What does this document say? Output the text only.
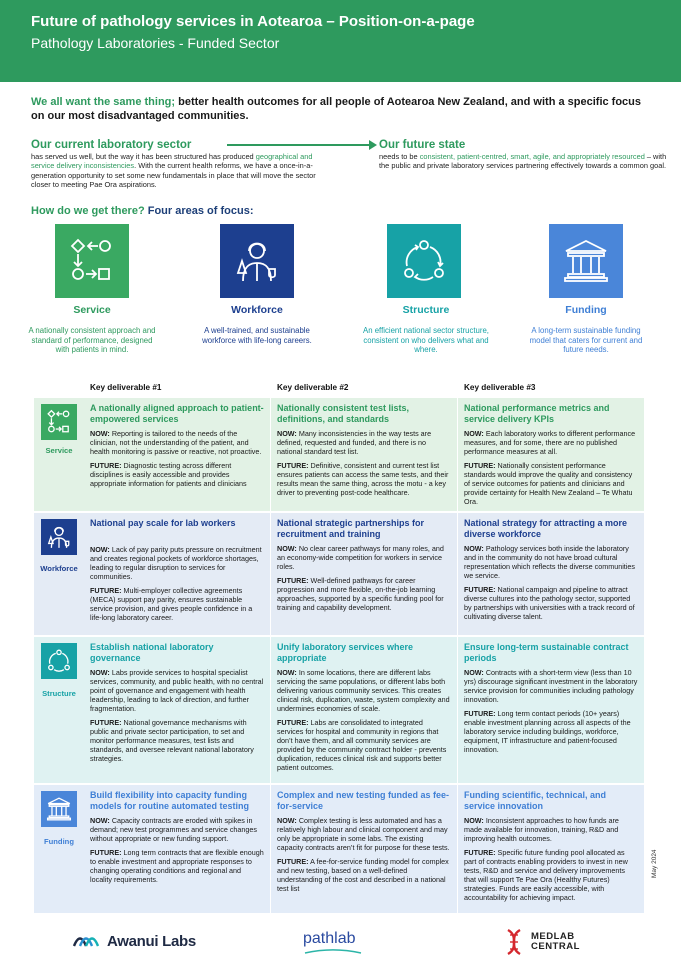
Future of pathology services in Aotearoa – Position-on-a-page
Pathology Laboratories - Funded Sector
We all want the same thing; better health outcomes for all people of Aotearoa New Zealand, and with a specific focus on our most disadvantaged communities.
Our current laboratory sector
has served us well, but the way it has been structured has produced geographical and service delivery inconsistencies. With the current health reforms, we have a once-in-a-generation opportunity to set some new fundamentals in place that will move the sector closer to meeting Pae Ora aspirations.
Our future state
needs to be consistent, patient-centred, smart, agile, and appropriately resourced – with the public and private laboratory services partnering effectively towards a common goal.
How do we get there? Four areas of focus:
Service
A nationally consistent approach and standard of performance, designed with patients in mind.
Workforce
A well-trained, and sustainable workforce with life-long careers.
Structure
An efficient national sector structure, consistent on who delivers what and where.
Funding
A long-term sustainable funding model that caters for current and future needs.
Key deliverable #1	Key deliverable #2	Key deliverable #3
Service
A nationally aligned approach to patient-empowered services
NOW: Reporting is tailored to the needs of the clinician, not the understanding of the patient, and health monitoring is passive or reactive, not proactive.
FUTURE: Diagnostic testing across different disciplines is easily accessible and provides appropriate information for patients and clinicians
Nationally consistent test lists, definitions, and standards
NOW: Many inconsistencies in the way tests are defined, requested and funded, and there is no national standard test list.
FUTURE: Definitive, consistent and current test list ensures patients can access the same tests, and their results mean the same thing, across the motu - a key driver to preventing post-code healthcare.
National performance metrics and service delivery KPIs
NOW: Each laboratory works to different performance measures, and for some, there are no published performance measures at all.
FUTURE: Nationally consistent performance standards would improve the quality and consistency of service outcomes for patients and clinicians and provide certainty for Health New Zealand – Te Whatu Ora.
Workforce
National pay scale for lab workers
NOW: Lack of pay parity puts pressure on recruitment and creates regional pockets of workforce shortages, leading to regular disruption to services for communities.
FUTURE: Multi-employer collective agreements (MECA) support pay parity, ensures sustainable service provision, and gives people confidence in a life-long laboratory career.
National strategic partnerships for recruitment and training
NOW: No clear career pathways for many roles, and an economy-wide competition for workers in service roles.
FUTURE: Well-defined pathways for career progression and more flexible, on-the-job learning approaches, supported by a specific funding pool for training and capability development.
National strategy for attracting a more diverse workforce
NOW: Pathology services both inside the laboratory and in the community do not have broad cultural representation which reflects the diverse communities we service.
FUTURE: National campaign and pipeline to attract diverse cultures into the pathology sector, supported by partnerships with universities with a track record of cultivating diverse talent.
Structure
Establish national laboratory governance
NOW: Labs provide services to hospital specialist services, community, and public health, with no central point of governance and engagement with health leadership, leading to lack of direction, and further fragmentation.
FUTURE: National governance mechanisms with public and private sector participation, to set and monitor performance measures, test lists and standards, and oversee relevant national laboratory strategies.
Unify laboratory services where appropriate
NOW: In some locations, there are different labs servicing the same populations, or different labs both delivering various community services. This creates clinical risk, duplication, waste, system complexity and undermines economies of scale.
FUTURE: Labs are consolidated to integrated services for hospital and community in regions that don’t have them, and all community services are provided by the community contract holder - prevents duplication, reduces clinical risk and supports better patient outcomes.
Ensure long-term sustainable contract periods
NOW: Contracts with a short-term view (less than 10 yrs) discourage significant investment in the laboratory service provision for communities including pathology innovation.
FUTURE: Long term contact periods (10+ years) enable investment planning across all aspects of the laboratory service including buildings, workforce, equipment, IT infrastructure and patient-focused innovation.
Funding
Build flexibility into capacity funding models for routine automated testing
NOW: Capacity contracts are eroded with spikes in demand; new test programmes and service changes without appropriate or new funding support.
FUTURE: Long term contracts that are flexible enough to enable investment and appropriate responses to changing operating conditions and regional and locality requirements.
Complex and new testing funded as fee-for-service
NOW: Complex testing is less automated and has a relatively high labour and clinical component and may only be appropriate in some labs. The existing capacity contracts aren’t fit for purpose for these tests.
FUTURE: A fee-for-service funding model for complex and new testing, based on a well-defined understanding of the cost and described in a national test list
Funding scientific, technical, and service innovation
NOW: Inconsistent approaches to how funds are made available for innovation, training, R&D and improving health outcomes.
FUTURE: Specific future funding pool allocated as part of contracts enabling providers to invest in new tests, R&D and service and delivery improvements that will support Te Pae Ora (Healthy Futures) strategies. Funds are easily accessible, with accountability for achieving impact.
May 2024
Awanui Labs	pathlab	MEDLAB
CENTRAL
